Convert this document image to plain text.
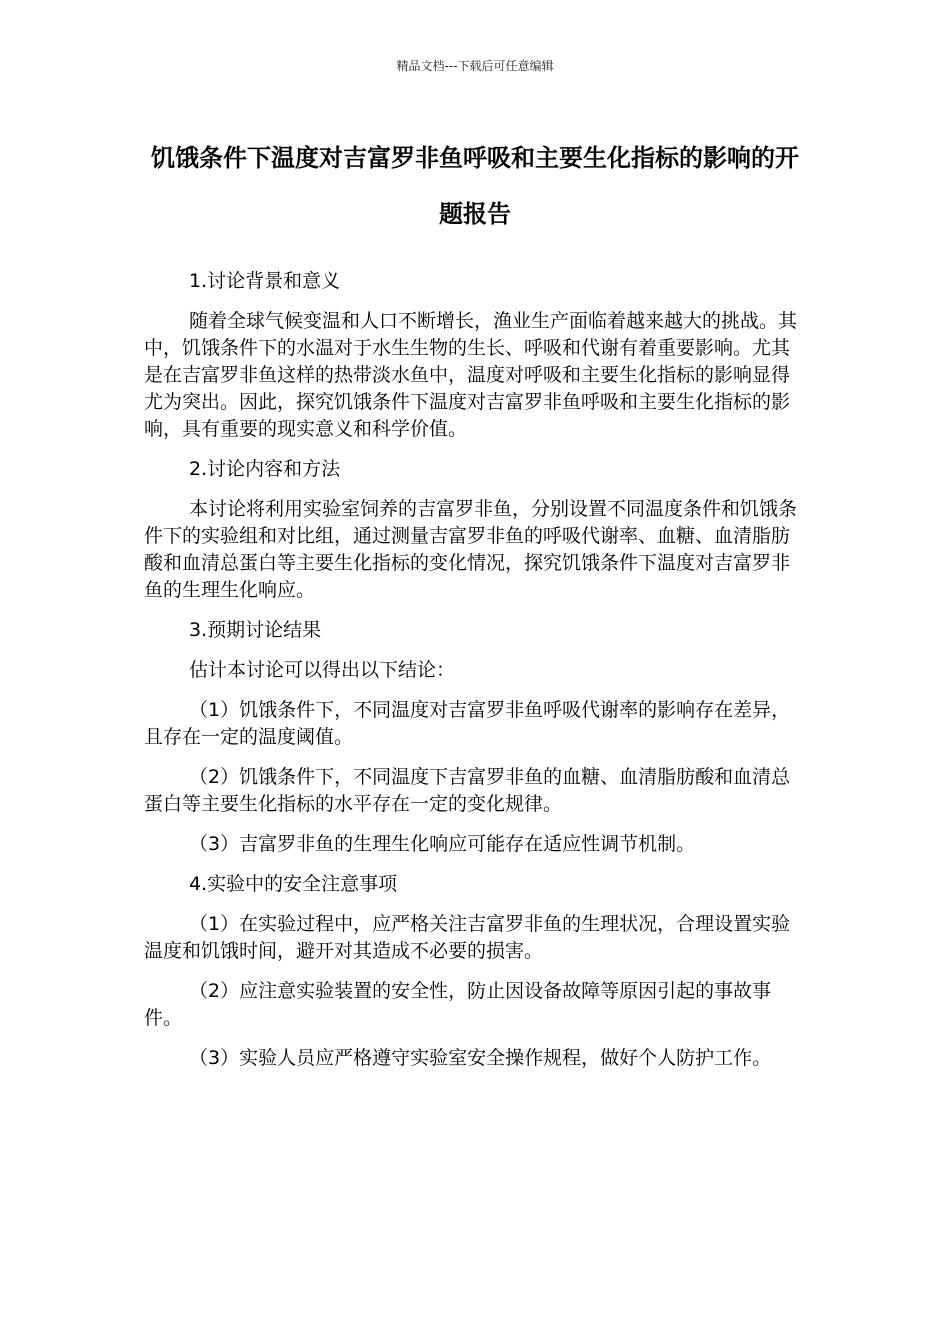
精品文档---下载后可任意编辑
饥饿条件下温度对吉富罗非鱼呼吸和主要生化指标的影响的开题报告

1.讨论背景和意义

随着全球气候变温和人口不断增长，渔业生产面临着越来越大的挑战。其中，饥饿条件下的水温对于水生生物的生长、呼吸和代谢有着重要影响。尤其是在吉富罗非鱼这样的热带淡水鱼中，温度对呼吸和主要生化指标的影响显得尤为突出。因此，探究饥饿条件下温度对吉富罗非鱼呼吸和主要生化指标的影响，具有重要的现实意义和科学价值。

2.讨论内容和方法

本讨论将利用实验室饲养的吉富罗非鱼，分别设置不同温度条件和饥饿条件下的实验组和对比组，通过测量吉富罗非鱼的呼吸代谢率、血糖、血清脂肪酸和血清总蛋白等主要生化指标的变化情况，探究饥饿条件下温度对吉富罗非鱼的生理生化响应。

3.预期讨论结果

估计本讨论可以得出以下结论：

（1）饥饿条件下，不同温度对吉富罗非鱼呼吸代谢率的影响存在差异，且存在一定的温度阈值。

（2）饥饿条件下，不同温度下吉富罗非鱼的血糖、血清脂肪酸和血清总蛋白等主要生化指标的水平存在一定的变化规律。

（3）吉富罗非鱼的生理生化响应可能存在适应性调节机制。

4.实验中的安全注意事项

（1）在实验过程中，应严格关注吉富罗非鱼的生理状况，合理设置实验温度和饥饿时间，避开对其造成不必要的损害。

（2）应注意实验装置的安全性，防止因设备故障等原因引起的事故事件。

（3）实验人员应严格遵守实验室安全操作规程，做好个人防护工作。
